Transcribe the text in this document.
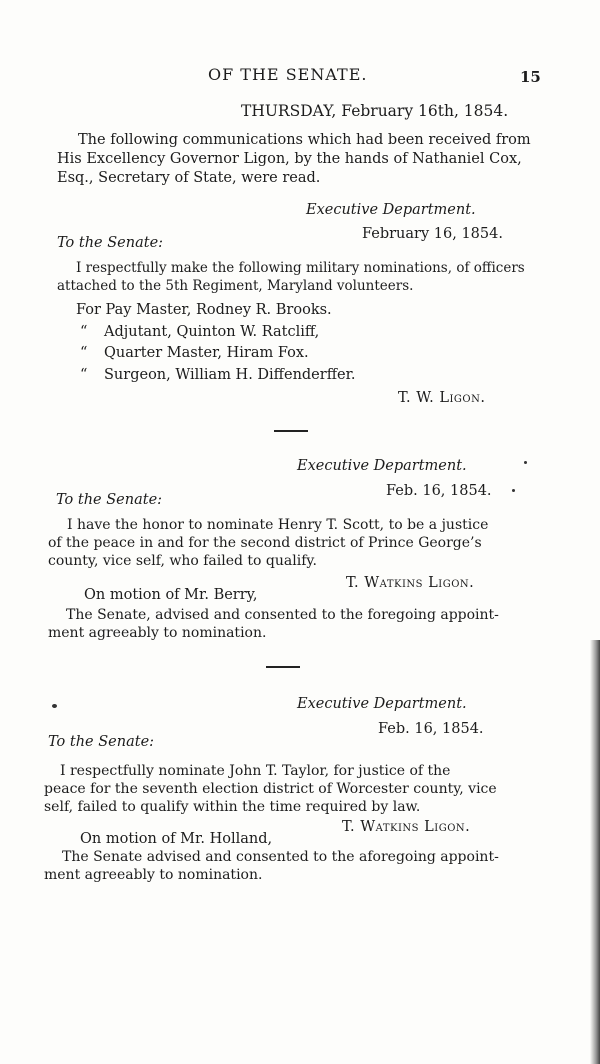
OF THE SENATE.	15
THURSDAY, February 16th, 1854.
The following communications which had been received from
His Excellency Governor Ligon, by the hands of Nathaniel Cox,
Esq., Secretary of State, were read.
Executive Department.
February 16, 1854.
To the Senate:
I respectfully make the following military nominations, of officers
attached to the 5th Regiment, Maryland volunteers.
For Pay Master, Rodney R. Brooks.
“ Adjutant, Quinton W. Ratcliff,
“ Quarter Master, Hiram Fox.
“ Surgeon, William H. Diffenderffer.
T. W. Ligon.
Executive Department.
Feb. 16, 1854.
To the Senate:
I have the honor to nominate Henry T. Scott, to be a justice
of the peace in and for the second district of Prince George’s
county, vice self, who failed to qualify.
T. Watkins Ligon.
On motion of Mr. Berry,
The Senate, advised and consented to the foregoing appoint-
ment agreeably to nomination.
Executive Department.
Feb. 16, 1854.
To the Senate:
I respectfully nominate John T. Taylor, for justice of the
peace for the seventh election district of Worcester county, vice
self, failed to qualify within the time required by law.
T. Watkins Ligon.
On motion of Mr. Holland,
The Senate advised and consented to the aforegoing appoint-
ment agreeably to nomination.
